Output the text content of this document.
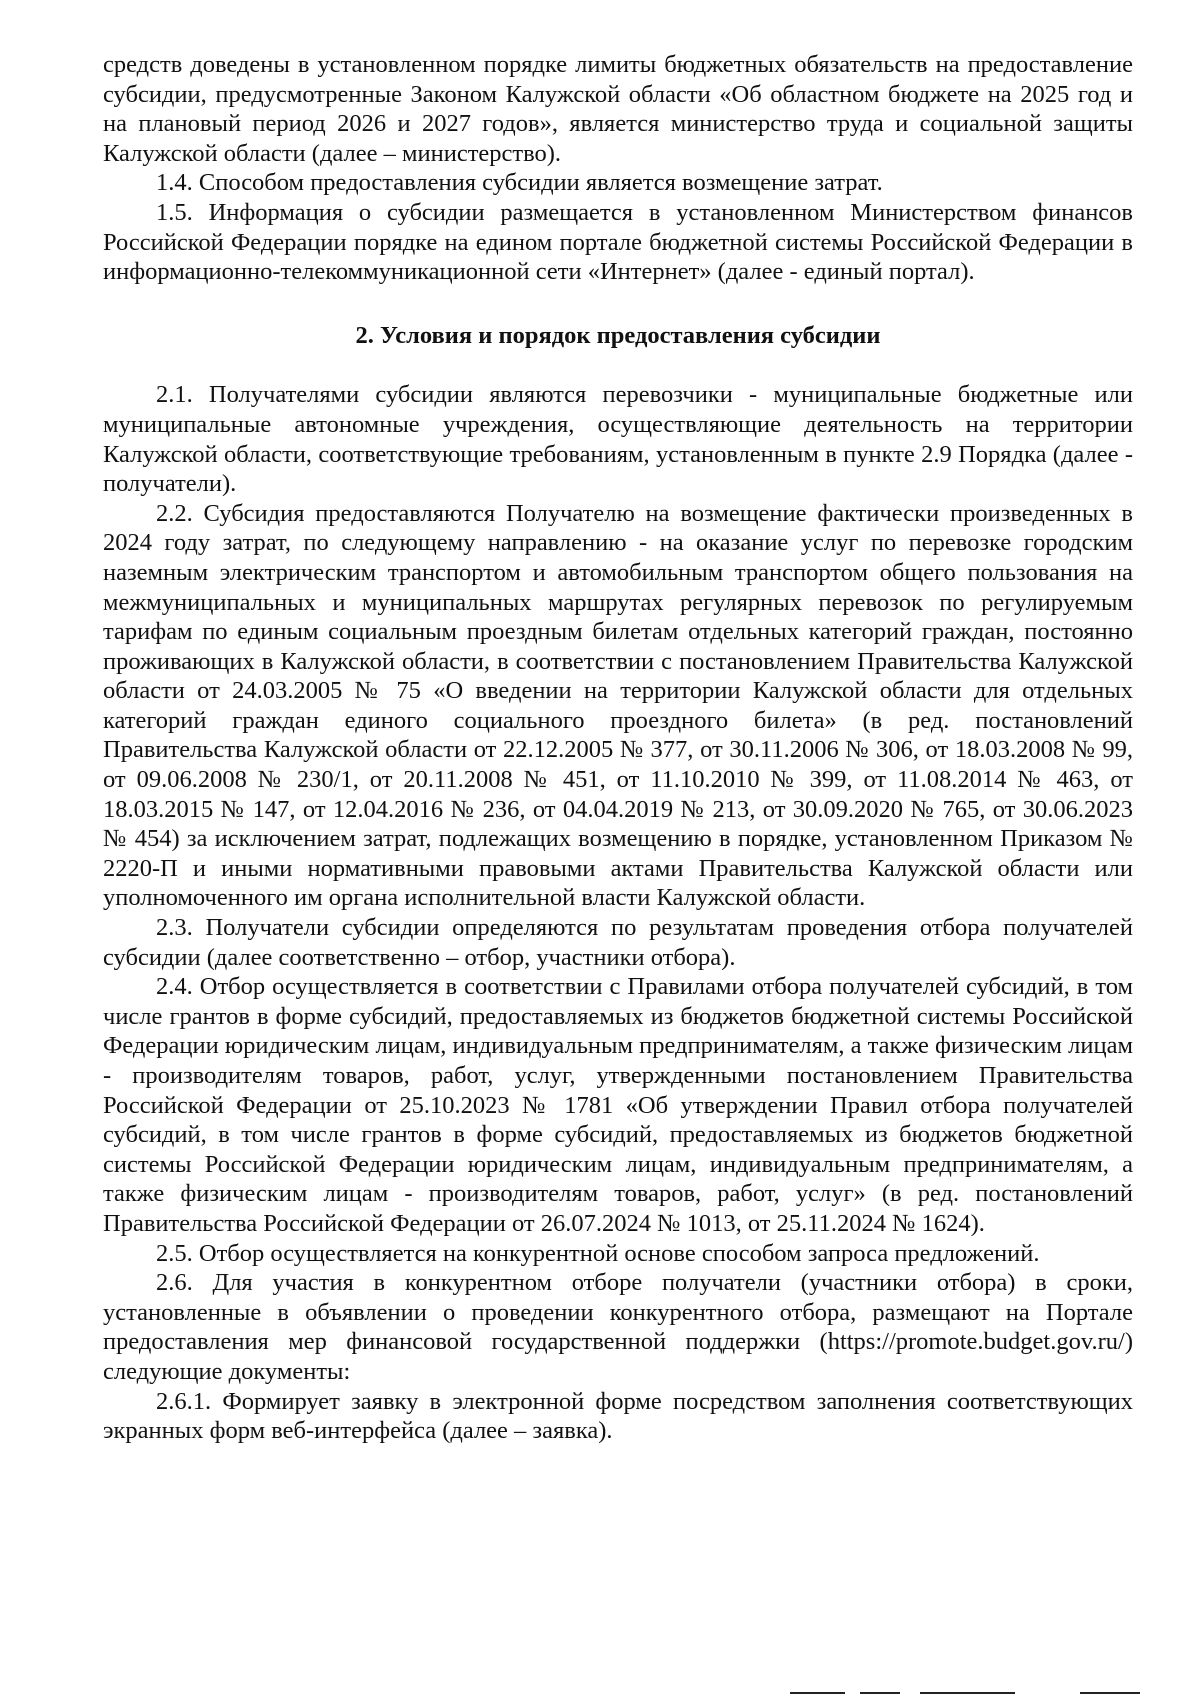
средств доведены в установленном порядке лимиты бюджетных обязательств на предоставление субсидии, предусмотренные Законом Калужской области «Об областном бюджете на 2025 год и на плановый период 2026 и 2027 годов», является министерство труда и социальной защиты Калужской области (далее – министерство).

1.4. Способом предоставления субсидии является возмещение затрат.

1.5. Информация о субсидии размещается в установленном Министерством финансов Российской Федерации порядке на едином портале бюджетной системы Российской Федерации в информационно-телекоммуникационной сети «Интернет» (далее - единый портал).

2. Условия и порядок предоставления субсидии

2.1. Получателями субсидии являются перевозчики - муниципальные бюджетные или муниципальные автономные учреждения, осуществляющие деятельность на территории Калужской области, соответствующие требованиям, установленным в пункте 2.9 Порядка (далее - получатели).

2.2. Субсидия предоставляются Получателю на возмещение фактически произведенных в 2024 году затрат, по следующему направлению - на оказание услуг по перевозке городским наземным электрическим транспортом и автомобильным транспортом общего пользования на межмуниципальных и муниципальных маршрутах регулярных перевозок по регулируемым тарифам по единым социальным проездным билетам отдельных категорий граждан, постоянно проживающих в Калужской области, в соответствии с постановлением Правительства Калужской области от 24.03.2005 № 75 «О введении на территории Калужской области для отдельных категорий граждан единого социального проездного билета» (в ред. постановлений Правительства Калужской области от 22.12.2005 № 377, от 30.11.2006 № 306, от 18.03.2008 № 99, от 09.06.2008 № 230/1, от 20.11.2008 № 451, от 11.10.2010 № 399, от 11.08.2014 № 463, от 18.03.2015 № 147, от 12.04.2016 № 236, от 04.04.2019 № 213, от 30.09.2020 № 765, от 30.06.2023 № 454) за исключением затрат, подлежащих возмещению в порядке, установленном Приказом № 2220-П и иными нормативными правовыми актами Правительства Калужской области или уполномоченного им органа исполнительной власти Калужской области.

2.3. Получатели субсидии определяются по результатам проведения отбора получателей субсидии (далее соответственно – отбор, участники отбора).

2.4. Отбор осуществляется в соответствии с Правилами отбора получателей субсидий, в том числе грантов в форме субсидий, предоставляемых из бюджетов бюджетной системы Российской Федерации юридическим лицам, индивидуальным предпринимателям, а также физическим лицам - производителям товаров, работ, услуг, утвержденными постановлением Правительства Российской Федерации от 25.10.2023 № 1781 «Об утверждении Правил отбора получателей субсидий, в том числе грантов в форме субсидий, предоставляемых из бюджетов бюджетной системы Российской Федерации юридическим лицам, индивидуальным предпринимателям, а также физическим лицам - производителям товаров, работ, услуг» (в ред. постановлений Правительства Российской Федерации от 26.07.2024 № 1013, от 25.11.2024 № 1624).

2.5. Отбор осуществляется на конкурентной основе способом запроса предложений.

2.6. Для участия в конкурентном отборе получатели (участники отбора) в сроки, установленные в объявлении о проведении конкурентного отбора, размещают на Портале предоставления мер финансовой государственной поддержки (https://promote.budget.gov.ru/) следующие документы:

2.6.1. Формирует заявку в электронной форме посредством заполнения соответствующих экранных форм веб-интерфейса (далее – заявка).
